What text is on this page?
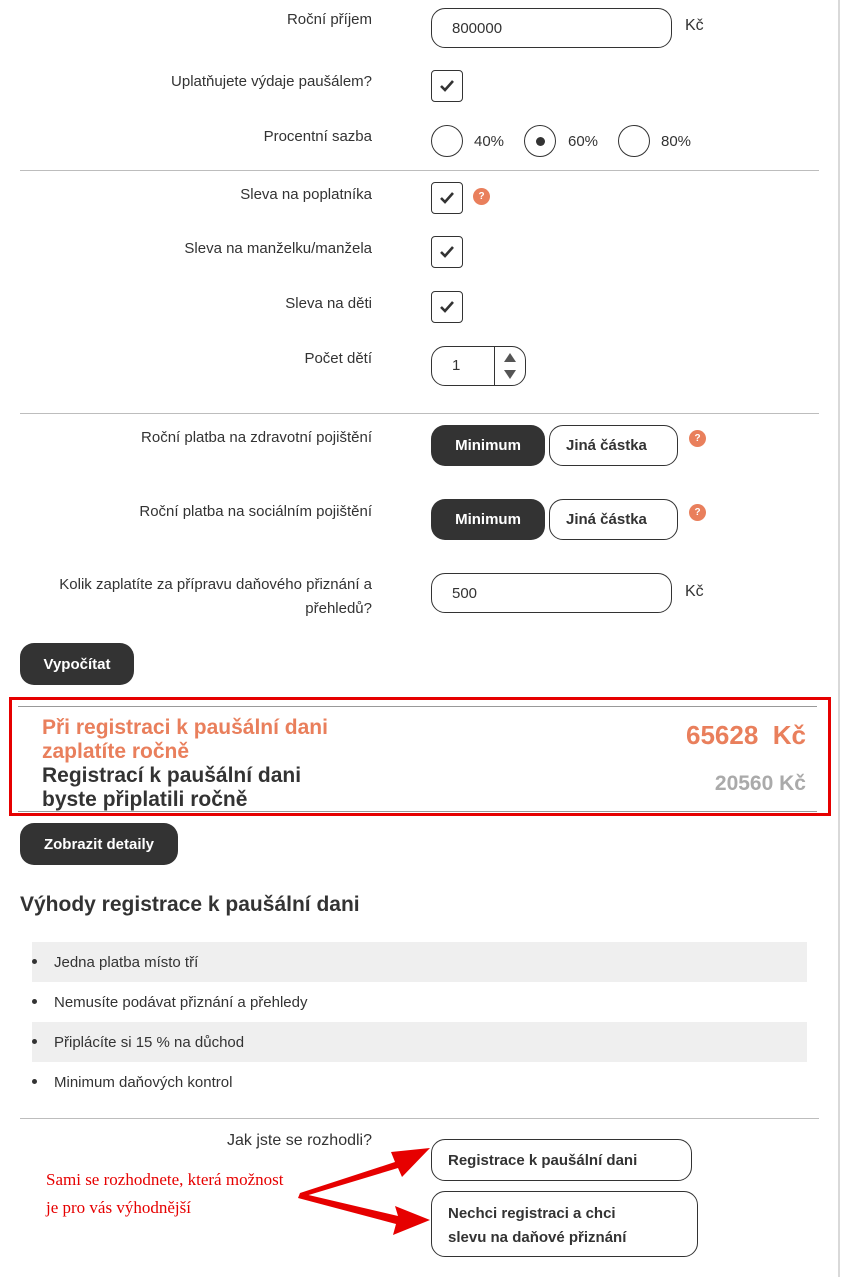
Roční příjem	800000	Kč
Uplatňujete výdaje paušálem?
Procentní sazba	40%	60%	80%
Sleva na poplatníka	?
Sleva na manželku/manžela
Sleva na děti
Počet dětí	1
Roční platba na zdravotní pojištění	Minimum	Jiná částka	?
Roční platba na sociálním pojištění	Minimum	Jiná částka	?
Kolik zaplatíte za přípravu daňového přiznání a
přehledů?
500	Kč
Vypočítat
Při registraci k paušální dani
zaplatíte ročně
65628 Kč
Registrací k paušální dani
byste připlatili ročně
20560 Kč
Zobrazit detaily
Výhody registrace k paušální dani
Jedna platba místo tří
Nemusíte podávat přiznání a přehledy
Připlácíte si 15 % na důchod
Minimum daňových kontrol
Jak jste se rozhodli?
Registrace k paušální dani
Nechci registraci a chci
slevu na daňové přiznání
Sami se rozhodnete, která možnost
je pro vás výhodnější
